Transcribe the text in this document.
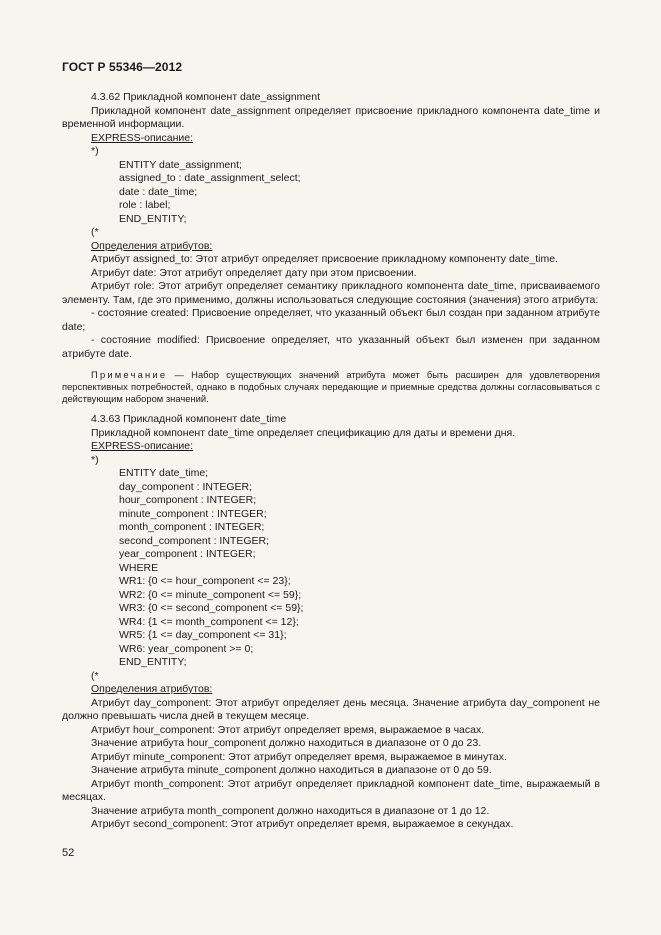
ГОСТ Р 55346—2012

4.3.62 Прикладной компонент date_assignment

Прикладной компонент date_assignment определяет присвоение прикладного компонента date_time и временной информации.

EXPRESS-описание:

*)

ENTITY date_assignment;

assigned_to : date_assignment_select;

date : date_time;

role : label;

END_ENTITY;

(*

Определения атрибутов:

Атрибут assigned_to: Этот атрибут определяет присвоение прикладному компоненту date_time.

Атрибут date: Этот атрибут определяет дату при этом присвоении.

Атрибут role: Этот атрибут определяет семантику прикладного компонента date_time, присваиваемого элементу. Там, где это применимо, должны использоваться следующие состояния (значения) этого атрибута:

- состояние created: Присвоение определяет, что указанный объект был создан при заданном атрибуте date;

- состояние modified: Присвоение определяет, что указанный объект был изменен при заданном атрибуте date.

Примечание — Набор существующих значений атрибута может быть расширен для удовлетворения перспективных потребностей, однако в подобных случаях передающие и приемные средства должны согласовываться с действующим набором значений.

4.3.63 Прикладной компонент date_time

Прикладной компонент date_time определяет спецификацию для даты и времени дня.

EXPRESS-описание:

*)

ENTITY date_time;

day_component : INTEGER;

hour_component : INTEGER;

minute_component : INTEGER;

month_component : INTEGER;

second_component : INTEGER;

year_component : INTEGER;

WHERE

WR1: {0 <= hour_component <= 23};

WR2: {0 <= minute_component <= 59};

WR3: {0 <= second_component <= 59};

WR4: {1 <= month_component <= 12};

WR5: {1 <= day_component <= 31};

WR6: year_component >= 0;

END_ENTITY;

(*

Определения атрибутов:

Атрибут day_component: Этот атрибут определяет день месяца. Значение атрибута day_component не должно превышать числа дней в текущем месяце.

Атрибут hour_component: Этот атрибут определяет время, выражаемое в часах.

Значение атрибута hour_component должно находиться в диапазоне от 0 до 23.

Атрибут minute_component: Этот атрибут определяет время, выражаемое в минутах.

Значение атрибута minute_component должно находиться в диапазоне от 0 до 59.

Атрибут month_component: Этот атрибут определяет прикладной компонент date_time, выражаемый в месяцах.

Значение атрибута month_component должно находиться в диапазоне от 1 до 12.

Атрибут second_component: Этот атрибут определяет время, выражаемое в секундах.

52
